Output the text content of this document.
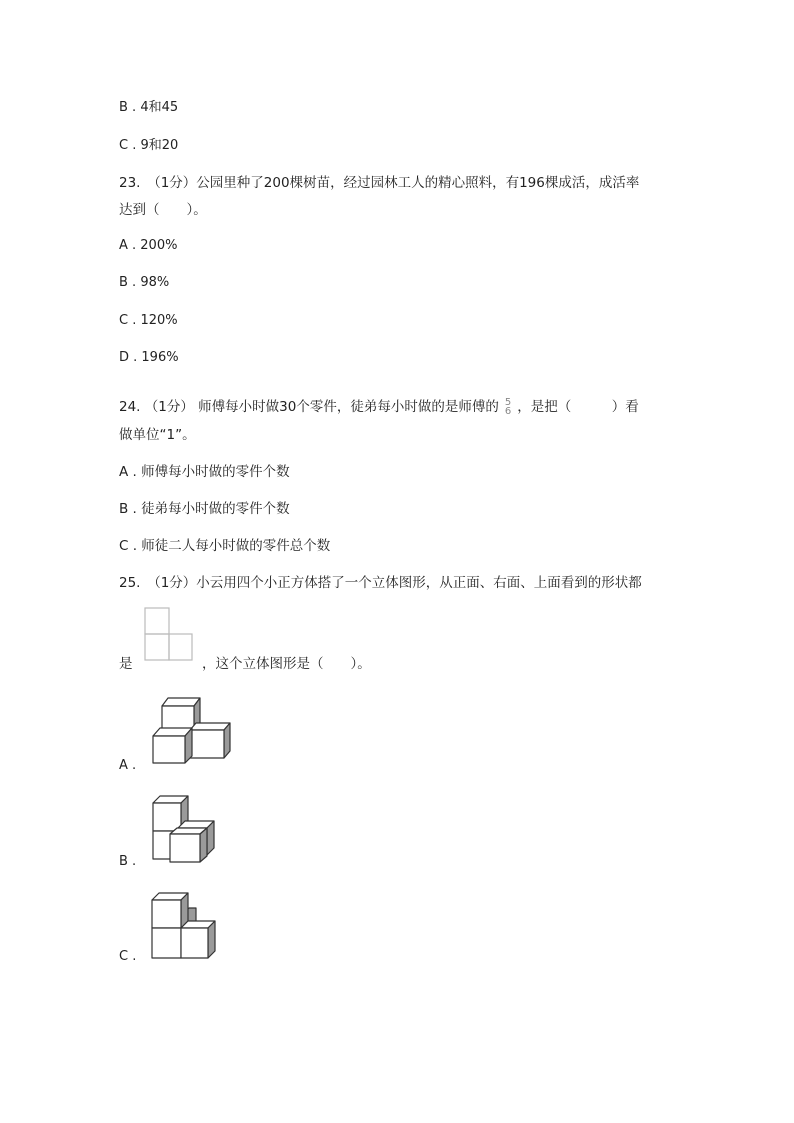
B . 4和45
C . 9和20
23.　（1分）公园里种了200棵树苗，经过园林工人的精心照料，有196棵成活，成活率
达到（　　）。
A . 200%
B . 98%
C . 120%
D . 196%
24. （1分） 师傅每小时做30个零件，徒弟每小时做的是师傅的 5
6 ，是把（　　　）看
做单位“1”。
A . 师傅每小时做的零件个数
B . 徒弟每小时做的零件个数
C . 师徒二人每小时做的零件总个数
25.　（1分）小云用四个小正方体搭了一个立体图形，从正面、右面、上面看到的形状都
是	，这个立体图形是（　　）。
A .
B .
C .
